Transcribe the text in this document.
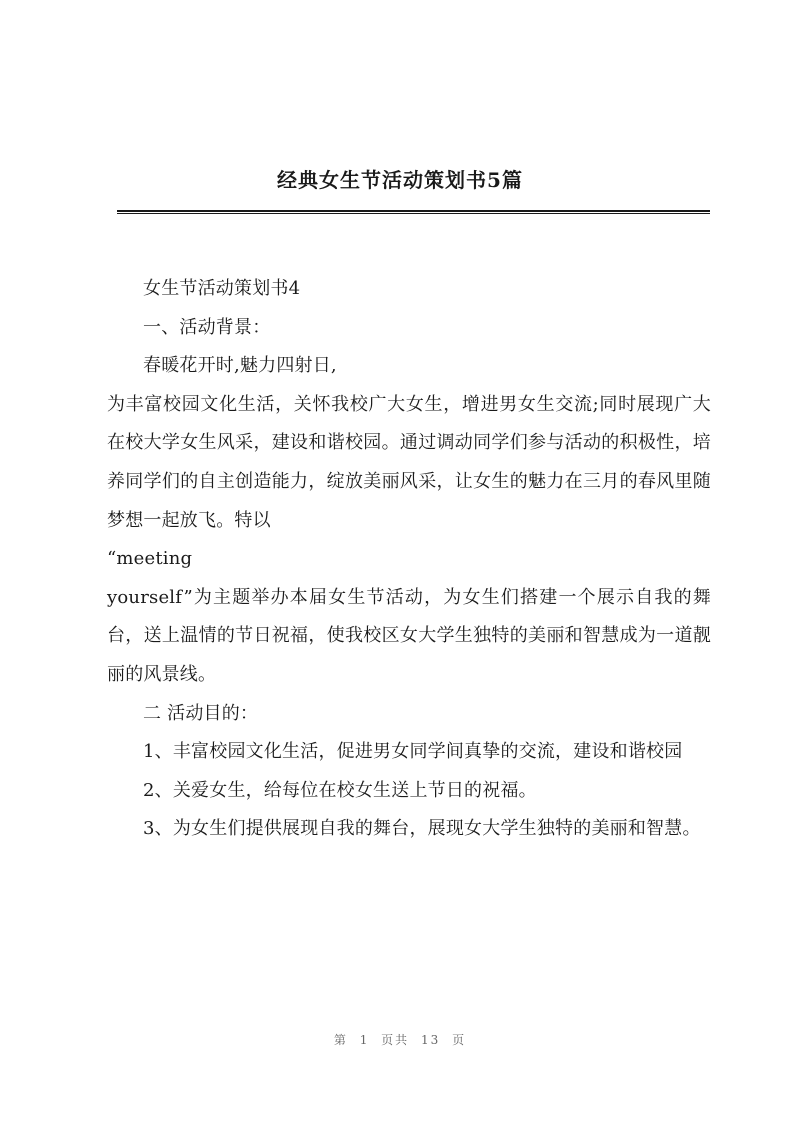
经典女生节活动策划书5篇

女生节活动策划书4

一、活动背景：

春暖花开时,魅力四射日,

为丰富校园文化生活，关怀我校广大女生，增进男女生交流;同时展现广大在校大学女生风采，建设和谐校园。通过调动同学们参与活动的积极性，培养同学们的自主创造能力，绽放美丽风采，让女生的魅力在三月的春风里随梦想一起放飞。特以

“meeting

yourself”为主题举办本届女生节活动，为女生们搭建一个展示自我的舞台，送上温情的节日祝福，使我校区女大学生独特的美丽和智慧成为一道靓丽的风景线。

二 活动目的：

1、丰富校园文化生活，促进男女同学间真挚的交流，建设和谐校园

2、关爱女生，给每位在校女生送上节日的祝福。

3、为女生们提供展现自我的舞台，展现女大学生独特的美丽和智慧。

第 1 页共 13 页
